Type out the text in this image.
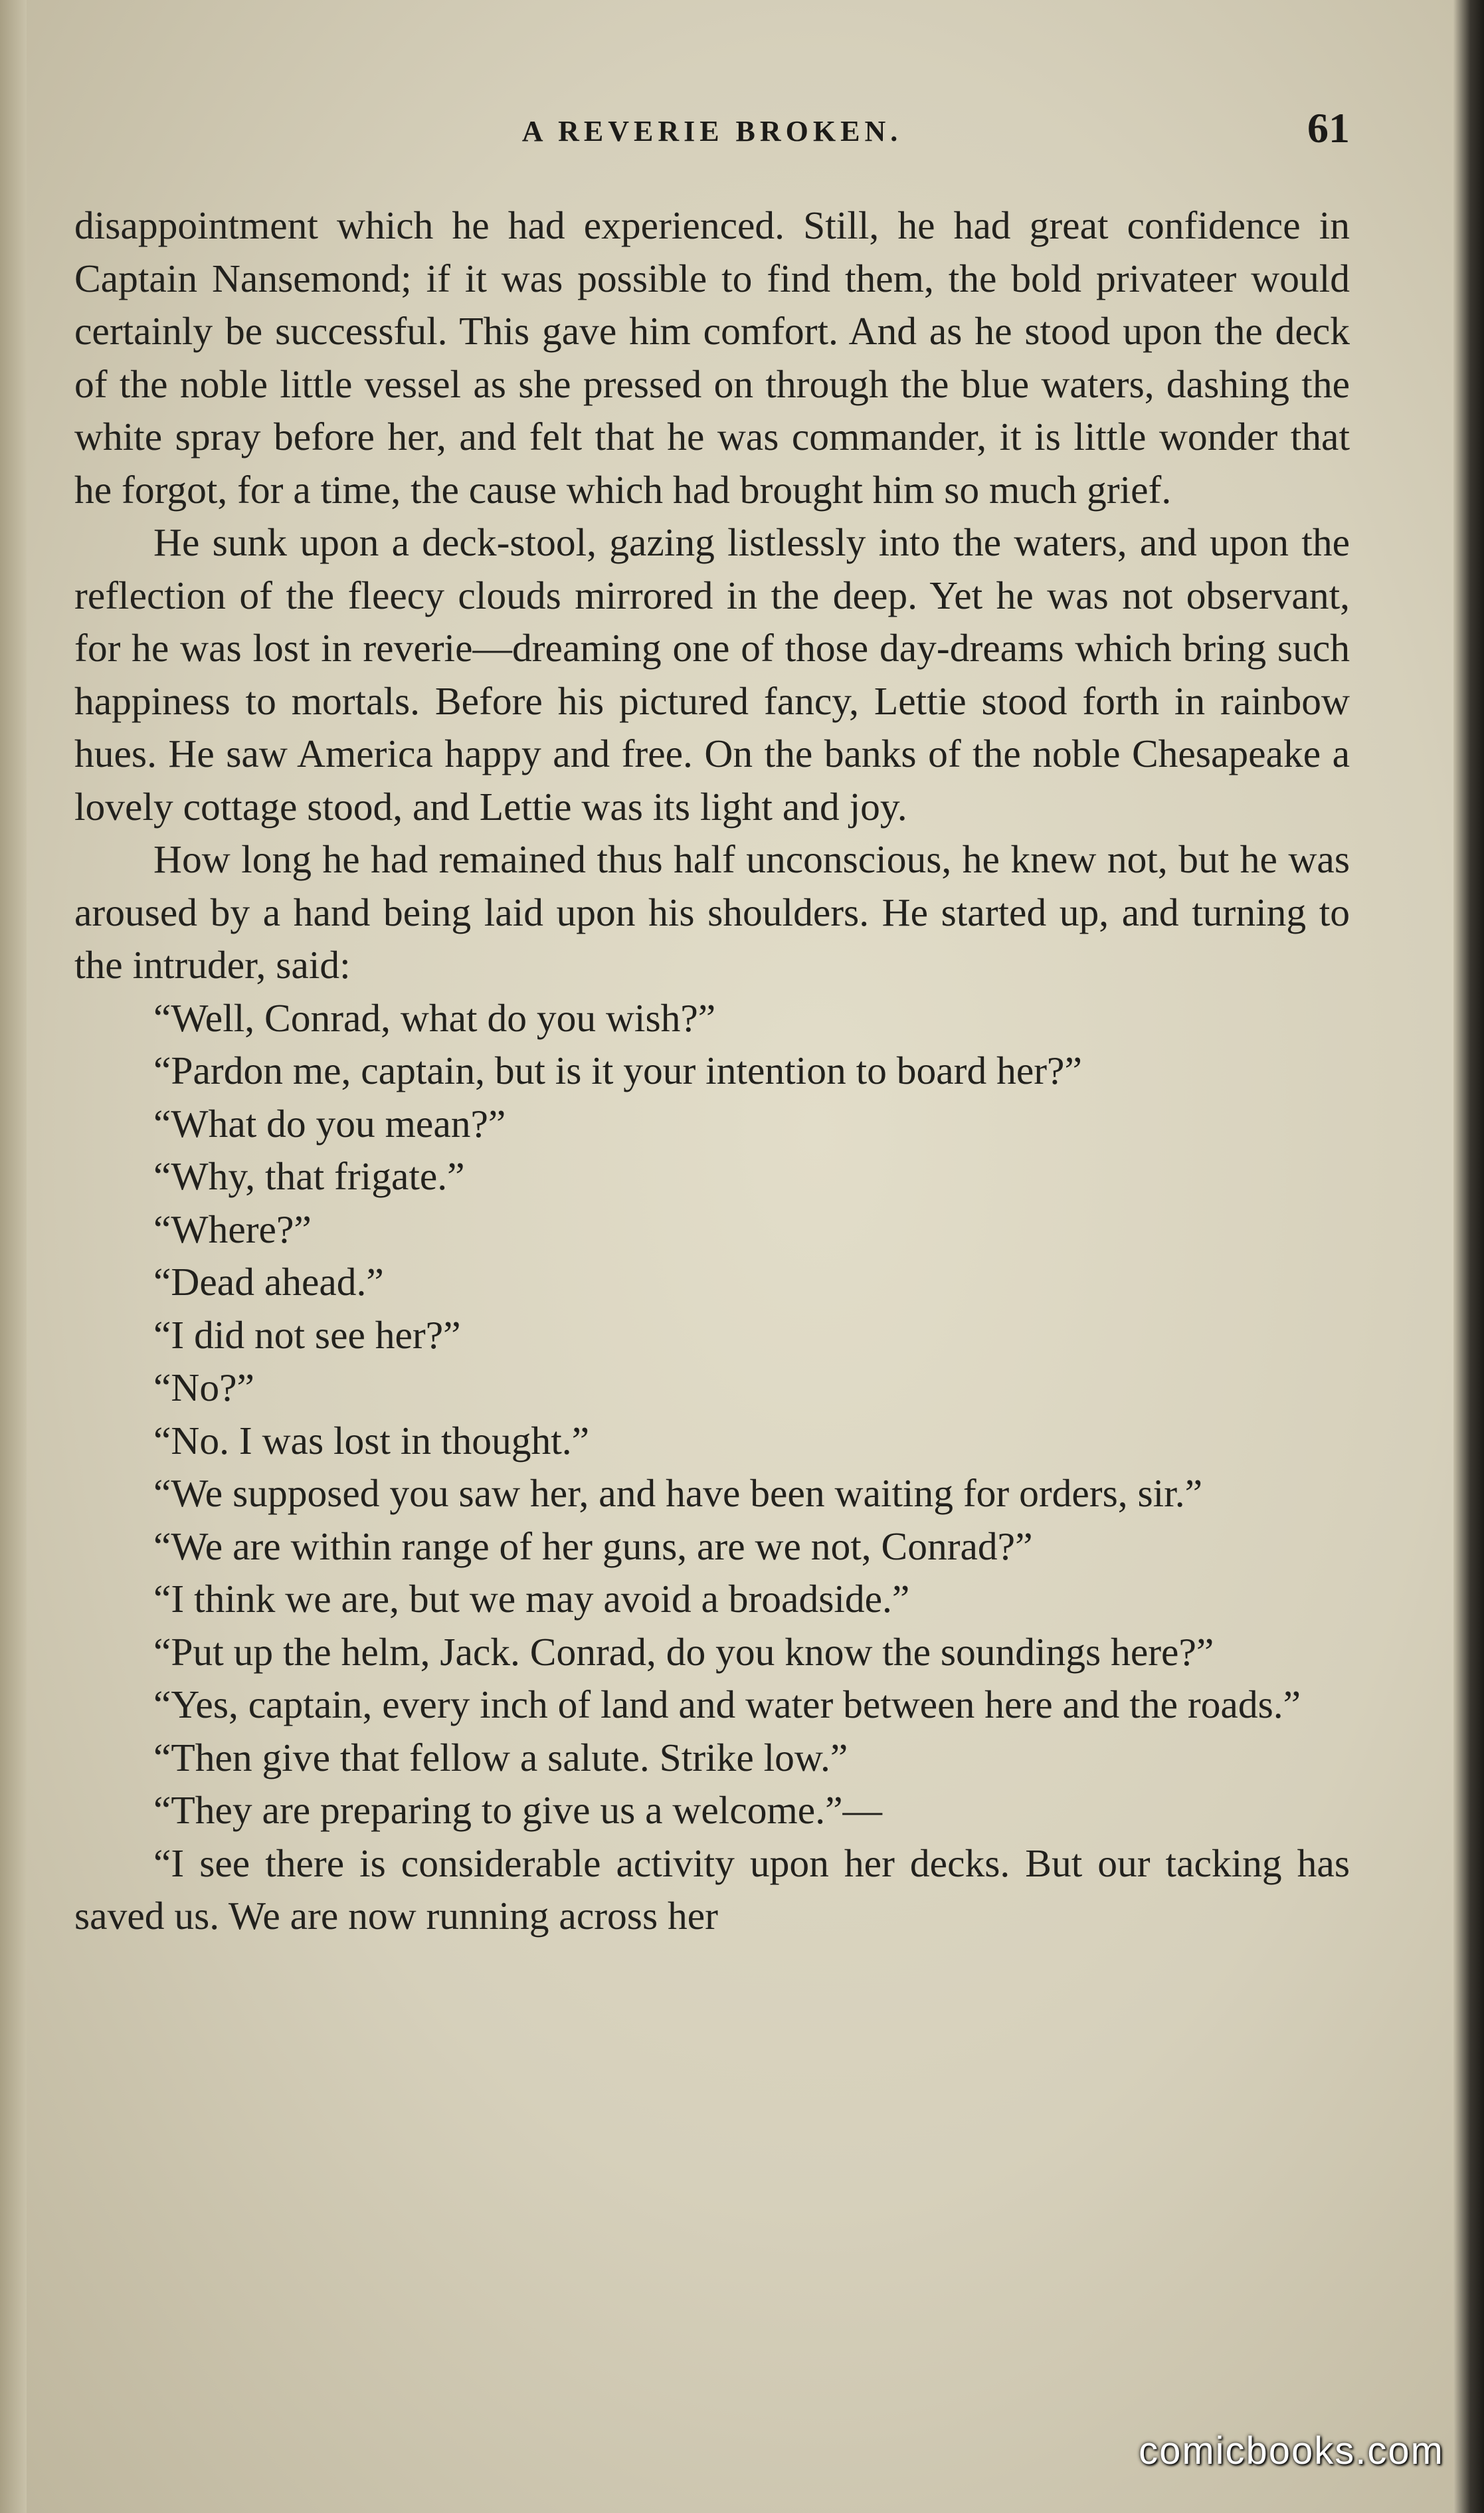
A REVERIE BROKEN.	61

disappointment which he had experienced. Still, he had great confidence in Captain Nansemond; if it was possible to find them, the bold privateer would certainly be successful. This gave him comfort. And as he stood upon the deck of the noble little vessel as she pressed on through the blue waters, dashing the white spray before her, and felt that he was commander, it is little wonder that he forgot, for a time, the cause which had brought him so much grief.

He sunk upon a deck-stool, gazing listlessly into the waters, and upon the reflection of the fleecy clouds mirrored in the deep. Yet he was not observant, for he was lost in reverie—dreaming one of those day-dreams which bring such happiness to mortals. Before his pictured fancy, Lettie stood forth in rainbow hues. He saw America happy and free. On the banks of the noble Chesapeake a lovely cottage stood, and Lettie was its light and joy.

How long he had remained thus half unconscious, he knew not, but he was aroused by a hand being laid upon his shoulders. He started up, and turning to the intruder, said:

“Well, Conrad, what do you wish?”

“Pardon me, captain, but is it your intention to board her?”

“What do you mean?”

“Why, that frigate.”

“Where?”

“Dead ahead.”

“I did not see her?”

“No?”

“No. I was lost in thought.”

“We supposed you saw her, and have been waiting for orders, sir.”

“We are within range of her guns, are we not, Conrad?”

“I think we are, but we may avoid a broadside.”

“Put up the helm, Jack. Conrad, do you know the soundings here?”

“Yes, captain, every inch of land and water between here and the roads.”

“Then give that fellow a salute. Strike low.”

“They are preparing to give us a welcome.”—

“I see there is considerable activity upon her decks. But our tacking has saved us. We are now running across her

comicbooks.com
